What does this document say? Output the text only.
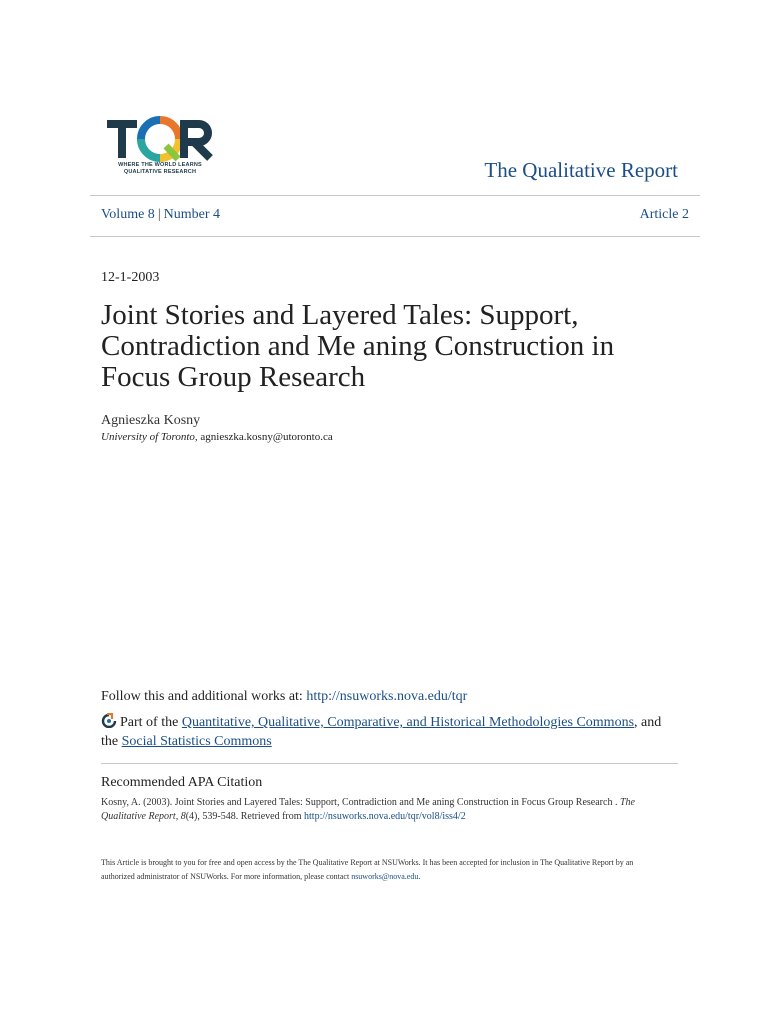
WHERE THE WORLD LEARNS
QUALITATIVE RESEARCH	The Qualitative Report
Volume 8 | Number 4	Article 2
12-1-2003
Joint Stories and Layered Tales: Support, Contradiction and Me aning Construction in Focus Group Research
Agnieszka Kosny
University of Toronto, agnieszka.kosny@utoronto.ca
Follow this and additional works at: http://nsuworks.nova.edu/tqr
Part of the Quantitative, Qualitative, Comparative, and Historical Methodologies Commons, and
the Social Statistics Commons
Recommended APA Citation
Kosny, A. (2003). Joint Stories and Layered Tales: Support, Contradiction and Me aning Construction in Focus Group Research . The Qualitative Report, 8(4), 539-548. Retrieved from http://nsuworks.nova.edu/tqr/vol8/iss4/2
This Article is brought to you for free and open access by the The Qualitative Report at NSUWorks. It has been accepted for inclusion in The Qualitative Report by an authorized administrator of NSUWorks. For more information, please contact nsuworks@nova.edu.
